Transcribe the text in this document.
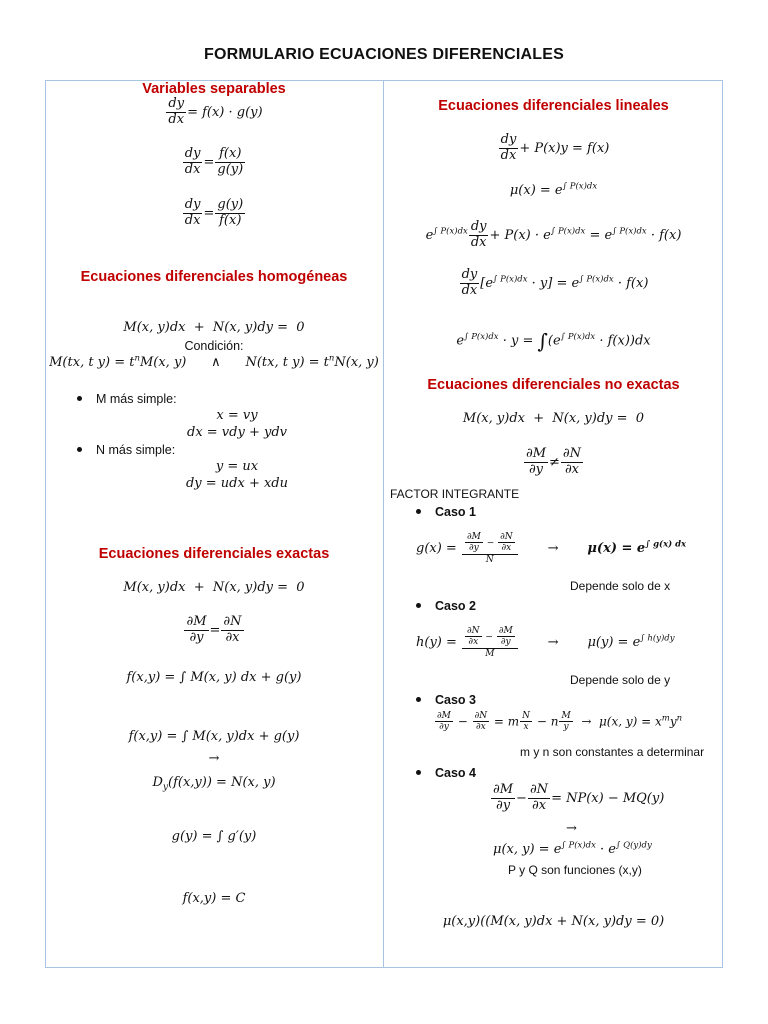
FORMULARIO ECUACIONES DIFERENCIALES
Variables separables
$\frac{dy}{dx} = f(x) \cdot g(y)$
$\frac{dy}{dx} = \frac{f(x)}{g(y)}$
$\frac{dy}{dx} = \frac{g(y)}{f(x)}$
Ecuaciones diferenciales homogéneas
M(x, y)dx  +  N(x, y)dy =  0
Condición:
M(tx, t $y) = t^nM(x$, y)      ∧      N(tx, t $y) = t^nN(x$, y)
M más simple:
x = vy
dx = vdy + ydv
N más simple:
y = ux
dy = udx + xdu
Ecuaciones diferenciales exactas
M(x, y)dx  +  N(x, y)dy =  0
$\frac{\partial M}{\partial y} = \frac{\partial N}{\partial x}$
f(x,y) = ∫ M(x, y) dx + g(y)
f(x,y) = ∫ M(x, y)dx + g(y)
→
$D_y(f(x,y)) = N(x$, y)
g(y) = ∫ g′(y)
f(x,y) = C
Ecuaciones diferenciales lineales
$\frac{dy}{dx} + P(x)y = f(x)$
$\mu(x) = e^{\int P(x)dx}$
$e^{\int P(x)dx} \frac{dy}{dx} + P(x) \cdot e^{\int P(x)dx} = e^{\int P(x)dx} \cdot f(x)$
$\frac{dy}{dx} [e^{\int P(x)dx} \cdot y] = e^{\int P(x)dx} \cdot f(x)$
$e^{\int P(x)dx} \cdot y = \int(e^{\int P(x)dx} \cdot f(x))dx$
Ecuaciones diferenciales no exactas
M(x, y)dx  +  N(x, y)dy =  0
$\frac{\partial M}{\partial y} \ne \frac{\partial N}{\partial x}$
FACTOR INTEGRANTE
Caso 1
$g(x) = \frac{\frac{\partial M}{\partial y} - \frac{\partial N}{\partial x}}{N} \to \mu(x) = e^{\int g(x) dx}$
Depende solo de x
Caso 2
$h(y) = \frac{\frac{\partial N}{\partial x} - \frac{\partial M}{\partial y}}{M}$ →       $\mu(y) = e^{\int h(y)dy}$
Depende solo de y
Caso 3
$\frac{\partial M}{\partial y} - \frac{\partial N}{\partial x} = m \frac{N}{x} - n \frac{M}{y} \to \mu(x$, $y) = x^my^n$
m y n son constantes a determinar
Caso 4
$\frac{\partial M}{\partial y} - \frac{\partial N}{\partial x} = NP(x) - MQ(y)$
→
μ(x, $y) = e^{\int P(x)dx} \cdot e^{\int Q(y)dy}$
P y Q son funciones (x,y)
μ(x,y)((M(x, y)dx + N(x, y)dy = 0)
